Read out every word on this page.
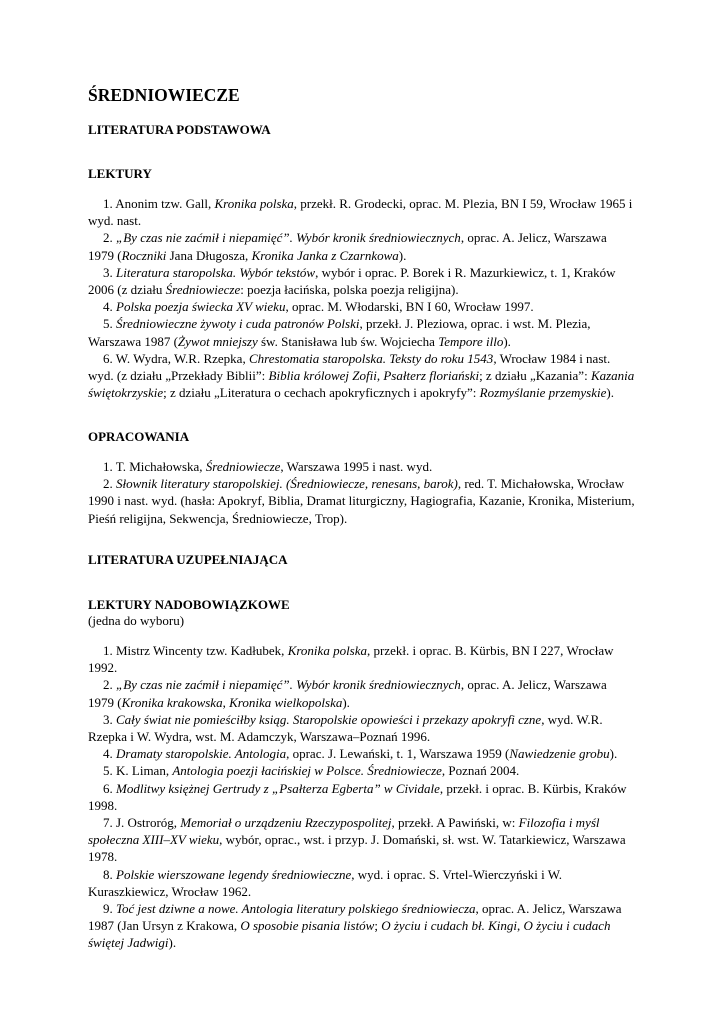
ŚREDNIOWIECZE
LITERATURA PODSTAWOWA
LEKTURY

1. Anonim tzw. Gall, Kronika polska, przekł. R. Grodecki, oprac. M. Plezia, BN I 59, Wrocław 1965 i wyd. nast.

2. „By czas nie zaćmił i niepamięć”. Wybór kronik średniowiecznych, oprac. A. Jelicz, Warszawa 1979 (Roczniki Jana Długosza, Kronika Janka z Czarnkowa).

3. Literatura staropolska. Wybór tekstów, wybór i oprac. P. Borek i R. Mazurkiewicz, t. 1, Kraków 2006 (z działu Średniowiecze: poezja łacińska, polska poezja religijna).

4. Polska poezja świecka XV wieku, oprac. M. Włodarski, BN I 60, Wrocław 1997.

5. Średniowieczne żywoty i cuda patronów Polski, przekł. J. Pleziowa, oprac. i wst. M. Plezia, Warszawa 1987 (Żywot mniejszy św. Stanisława lub św. Wojciecha Tempore illo).

6. W. Wydra, W.R. Rzepka, Chrestomatia staropolska. Teksty do roku 1543, Wrocław 1984 i nast. wyd. (z działu „Przekłady Biblii”: Biblia królowej Zofii, Psałterz floriański; z działu „Kazania”: Kazania świętokrzyskie; z działu „Literatura o cechach apokryficznych i apokryfy”: Rozmyślanie przemyskie).

OPRACOWANIA

1. T. Michałowska, Średniowiecze, Warszawa 1995 i nast. wyd.

2. Słownik literatury staropolskiej. (Średniowiecze, renesans, barok), red. T. Michałowska, Wrocław 1990 i nast. wyd. (hasła: Apokryf, Biblia, Dramat liturgiczny, Hagiografia, Kazanie, Kronika, Misterium, Pieśń religijna, Sekwencja, Średniowiecze, Trop).

LITERATURA UZUPEŁNIAJĄCA
LEKTURY NADOBOWIĄZKOWE
(jedna do wyboru)

1. Mistrz Wincenty tzw. Kadłubek, Kronika polska, przekł. i oprac. B. Kürbis, BN I 227, Wrocław 1992.

2. „By czas nie zaćmił i niepamięć”. Wybór kronik średniowiecznych, oprac. A. Jelicz, Warszawa 1979 (Kronika krakowska, Kronika wielkopolska).

3. Cały świat nie pomieściłby ksiąg. Staropolskie opowieści i przekazy apokryfi czne, wyd. W.R. Rzepka i W. Wydra, wst. M. Adamczyk, Warszawa–Poznań 1996.

4. Dramaty staropolskie. Antologia, oprac. J. Lewański, t. 1, Warszawa 1959 (Nawiedzenie grobu).

5. K. Liman, Antologia poezji łacińskiej w Polsce. Średniowiecze, Poznań 2004.

6. Modlitwy księżnej Gertrudy z „Psałterza Egberta” w Cividale, przekł. i oprac. B. Kürbis, Kraków 1998.

7. J. Ostroróg, Memoriał o urządzeniu Rzeczypospolitej, przekł. A Pawiński, w: Filozofia i myśl społeczna XIII–XV wieku, wybór, oprac., wst. i przyp. J. Domański, sł. wst. W. Tatarkiewicz, Warszawa 1978.

8. Polskie wierszowane legendy średniowieczne, wyd. i oprac. S. Vrtel-Wierczyński i W. Kuraszkiewicz, Wrocław 1962.

9. Toć jest dziwne a nowe. Antologia literatury polskiego średniowiecza, oprac. A. Jelicz, Warszawa 1987 (Jan Ursyn z Krakowa, O sposobie pisania listów; O życiu i cudach bł. Kingi, O życiu i cudach świętej Jadwigi).
